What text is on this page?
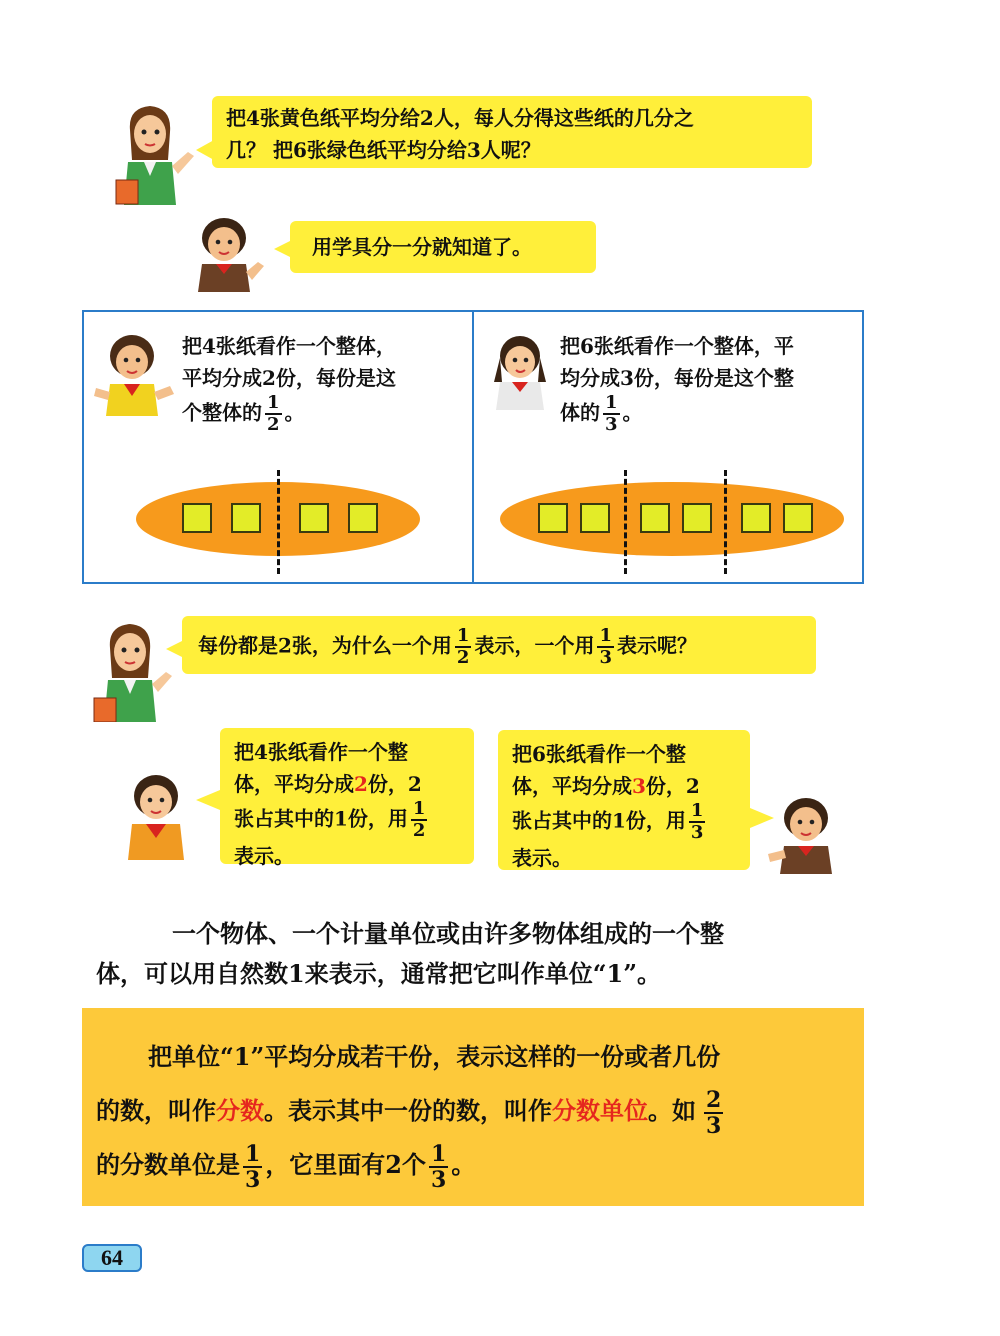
把4张黄色纸平均分给2人，每人分得这些纸的几分之
几？ 把6张绿色纸平均分给3人呢？
用学具分一分就知道了。
把4张纸看作一个整体，
平均分成2份，每份是这
个整体的 $\frac{1}{2}$ 。
把6张纸看作一个整体，平
均分成3份，每份是这个整
体的 $\frac{1}{3}$ 。
每份都是2张，为什么一个用 $\frac{1}{2}$ 表示，一个用 $\frac{1}{3}$ 表示呢？
把4张纸看作一个整
体，平均分成2份，2
张占其中的1份，用 $\frac{1}{2}$
表示。
把6张纸看作一个整
体，平均分成3份，2
张占其中的1份，用 $\frac{1}{3}$
表示。
一个物体、一个计量单位或由许多物体组成的一个整
体，可以用自然数1来表示，通常把它叫作单位“1”。
把单位“1”平均分成若干份，表示这样的一份或者几份
的数，叫作分数。表示其中一份的数，叫作分数单位。如 $\frac{2}{3}$
的分数单位是 $\frac{1}{3}$ ，它里面有2个 $\frac{1}{3}$ 。
64
